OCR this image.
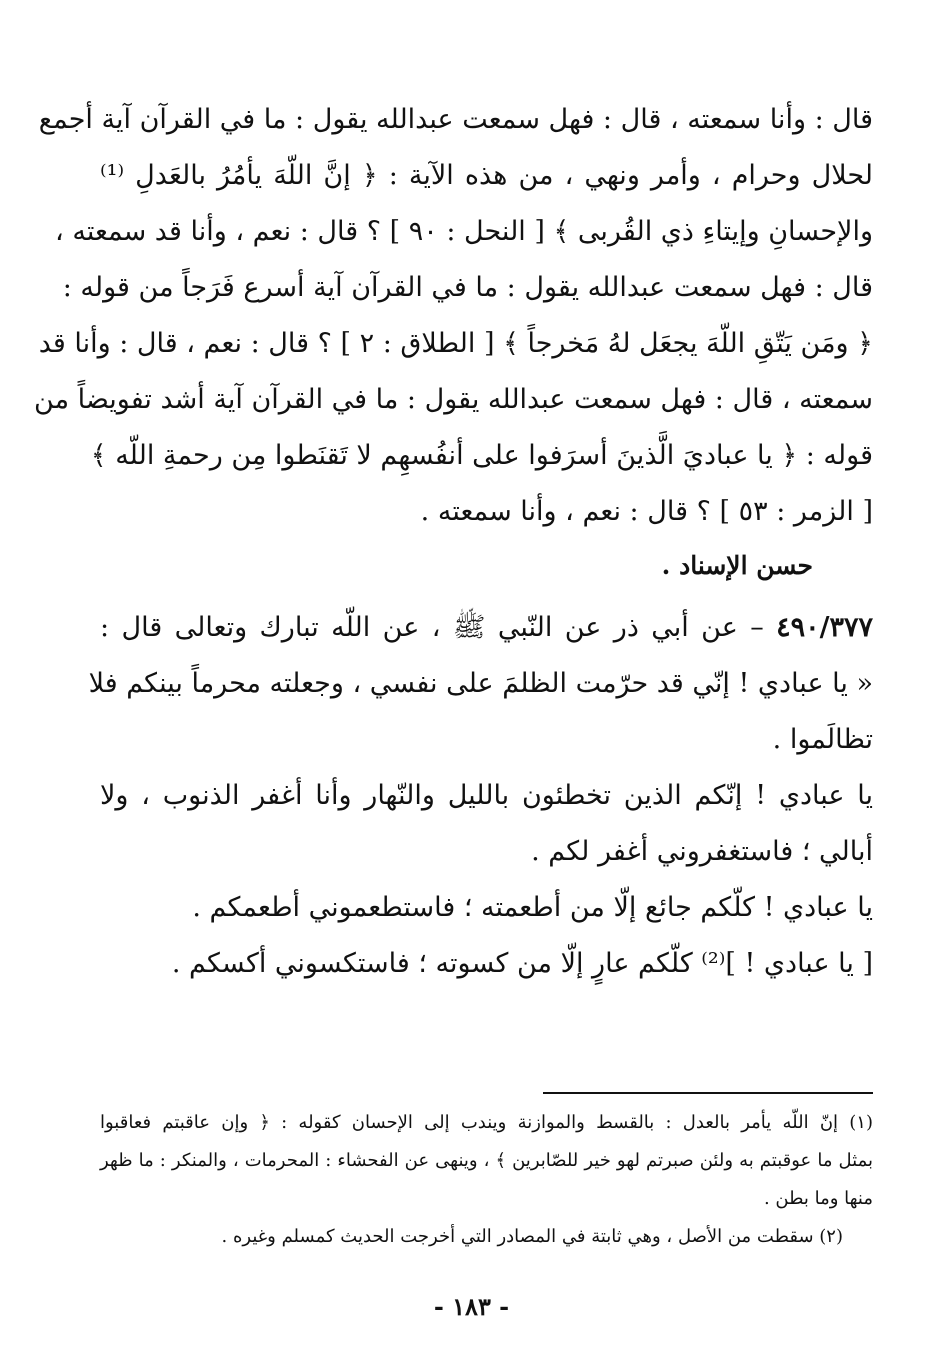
قال : وأنا سمعته ، قال : فهل سمعت عبدالله يقول : ما في القرآن آية أجمع
لحلال وحرام ، وأمر ونهي ، من هذه الآية : ﴿ إنَّ اللّهَ يأمُرُ بالعَدلِ ⁽¹⁾
والإحسانِ وإيتاءِ ذي القُربى ﴾ [ النحل : ٩٠ ] ؟ قال : نعم ، وأنا قد سمعته ،
قال : فهل سمعت عبدالله يقول : ما في القرآن آية أسرع فَرَجاً من قوله :
﴿ ومَن يَتّقِ اللّهَ يجعَل لهُ مَخرجاً ﴾ [ الطلاق : ٢ ] ؟ قال : نعم ، قال : وأنا قد
سمعته ، قال : فهل سمعت عبدالله يقول : ما في القرآن آية أشد تفويضاً من
قوله : ﴿ يا عباديَ الَّذينَ أسرَفوا على أنفُسهِم لا تَقنَطوا مِن رحمةِ اللّه ﴾
[ الزمر : ٥٣ ] ؟ قال : نعم ، وأنا سمعته .
حسن الإسناد .
٤٩٠/٣٧٧ – عن أبي ذر عن النّبي ﷺ ، عن اللّه تبارك وتعالى قال :
« يا عبادي ! إنّي قد حرّمت الظلمَ على نفسي ، وجعلته محرماً بينكم فلا
تظالَموا .
يا عبادي ! إنّكم الذين تخطئون بالليل والنّهار وأنا أغفر الذنوب ، ولا
أبالي ؛ فاستغفروني أغفر لكم .
يا عبادي ! كلّكم جائع إلّا من أطعمته ؛ فاستطعموني أطعمكم .
[ يا عبادي ! ]⁽²⁾ كلّكم عارٍ إلّا من كسوته ؛ فاستكسوني أكسكم .
(١) إنّ اللّه يأمر بالعدل : بالقسط والموازنة ويندب إلى الإحسان كقوله : ﴿ وإن عاقبتم فعاقبوا
بمثل ما عوقبتم به ولئن صبرتم لهو خير للصّابرين ﴾ ، وينهى عن الفحشاء : المحرمات ، والمنكر : ما ظهر
منها وما بطن .
(٢) سقطت من الأصل ، وهي ثابتة في المصادر التي أخرجت الحديث كمسلم وغيره .
- ١٨٣ -
